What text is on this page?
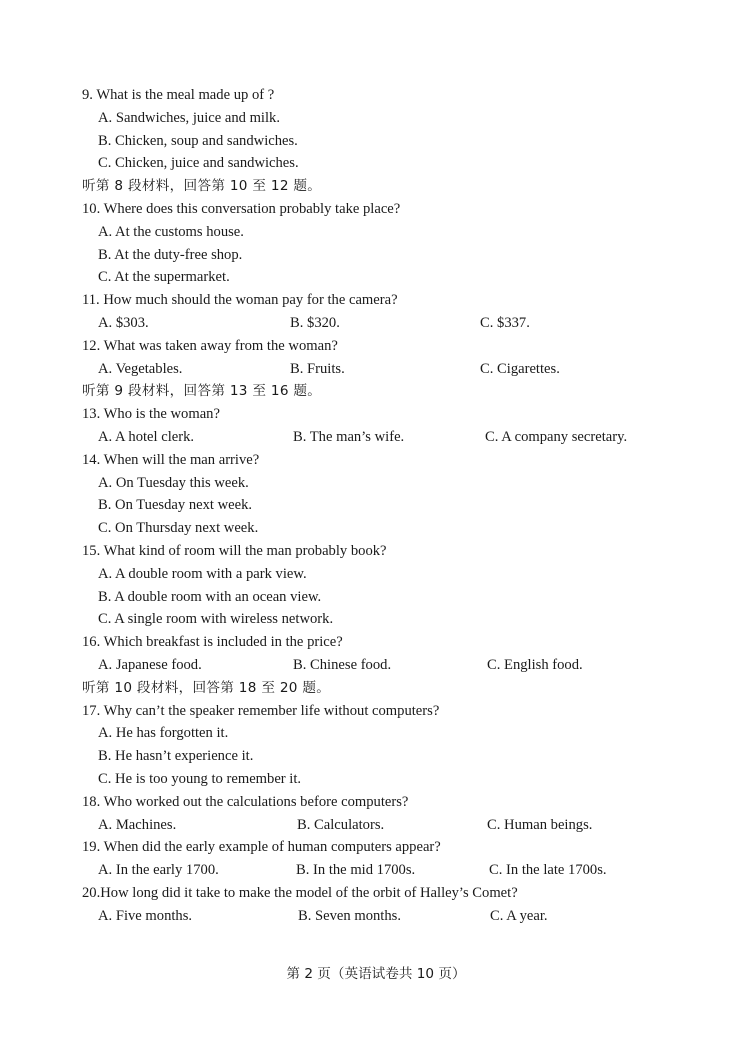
9. What is the meal made up of ?
A. Sandwiches, juice and milk.
B. Chicken, soup and sandwiches.
C. Chicken, juice and sandwiches.
听第 8 段材料，回答第 10 至 12 题。
10. Where does this conversation probably take place?
A. At the customs house.
B. At the duty-free shop.
C. At the supermarket.
11. How much should the woman pay for the camera?
A. $303.	B. $320.	C. $337.
12. What was taken away from the woman?
A. Vegetables.	B. Fruits.	C. Cigarettes.
听第 9 段材料，回答第 13 至 16 题。
13. Who is the woman?
A. A hotel clerk.	B. The man’s wife.	C. A company secretary.
14. When will the man arrive?
A. On Tuesday this week.
B. On Tuesday next week.
C. On Thursday next week.
15. What kind of room will the man probably book?
A. A double room with a park view.
B. A double room with an ocean view.
C. A single room with wireless network.
16. Which breakfast is included in the price?
A. Japanese food.	B. Chinese food.	C. English food.
听第 10 段材料，回答第 18 至 20 题。
17. Why can’t the speaker remember life without computers?
A. He has forgotten it.
B. He hasn’t experience it.
C. He is too young to remember it.
18. Who worked out the calculations before computers?
A. Machines.	B. Calculators.	C. Human beings.
19. When did the early example of human computers appear?
A. In the early 1700.	B. In the mid 1700s.	C. In the late 1700s.
20.How long did it take to make the model of the orbit of Halley’s Comet?
A. Five months.	B. Seven months.	C. A year.
第 2 页（英语试卷共 10 页）
